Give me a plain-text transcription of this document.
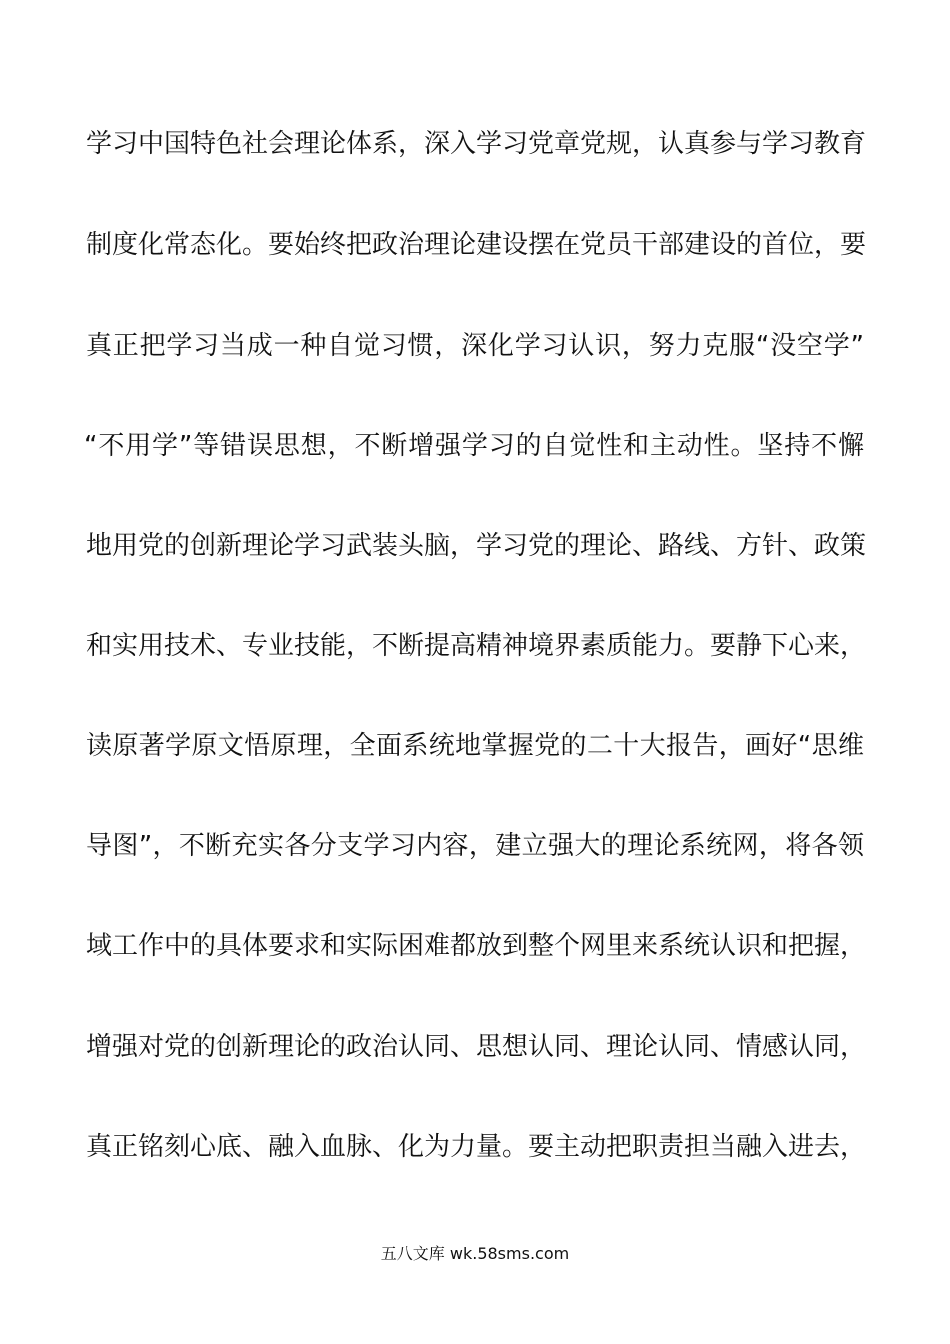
学习中国特色社会理论体系，深入学习党章党规，认真参与学习教育
制度化常态化。要始终把政治理论建设摆在党员干部建设的首位，要
真正把学习当成一种自觉习惯，深化学习认识，努力克服“没空学”
“不用学”等错误思想，不断增强学习的自觉性和主动性。坚持不懈
地用党的创新理论学习武装头脑，学习党的理论、路线、方针、政策
和实用技术、专业技能，不断提高精神境界素质能力。要静下心来，
读原著学原文悟原理，全面系统地掌握党的二十大报告，画好“思维
导图”，不断充实各分支学习内容，建立强大的理论系统网，将各领
域工作中的具体要求和实际困难都放到整个网里来系统认识和把握，
增强对党的创新理论的政治认同、思想认同、理论认同、情感认同，
真正铭刻心底、融入血脉、化为力量。要主动把职责担当融入进去，
五八文库 wk.58sms.com
